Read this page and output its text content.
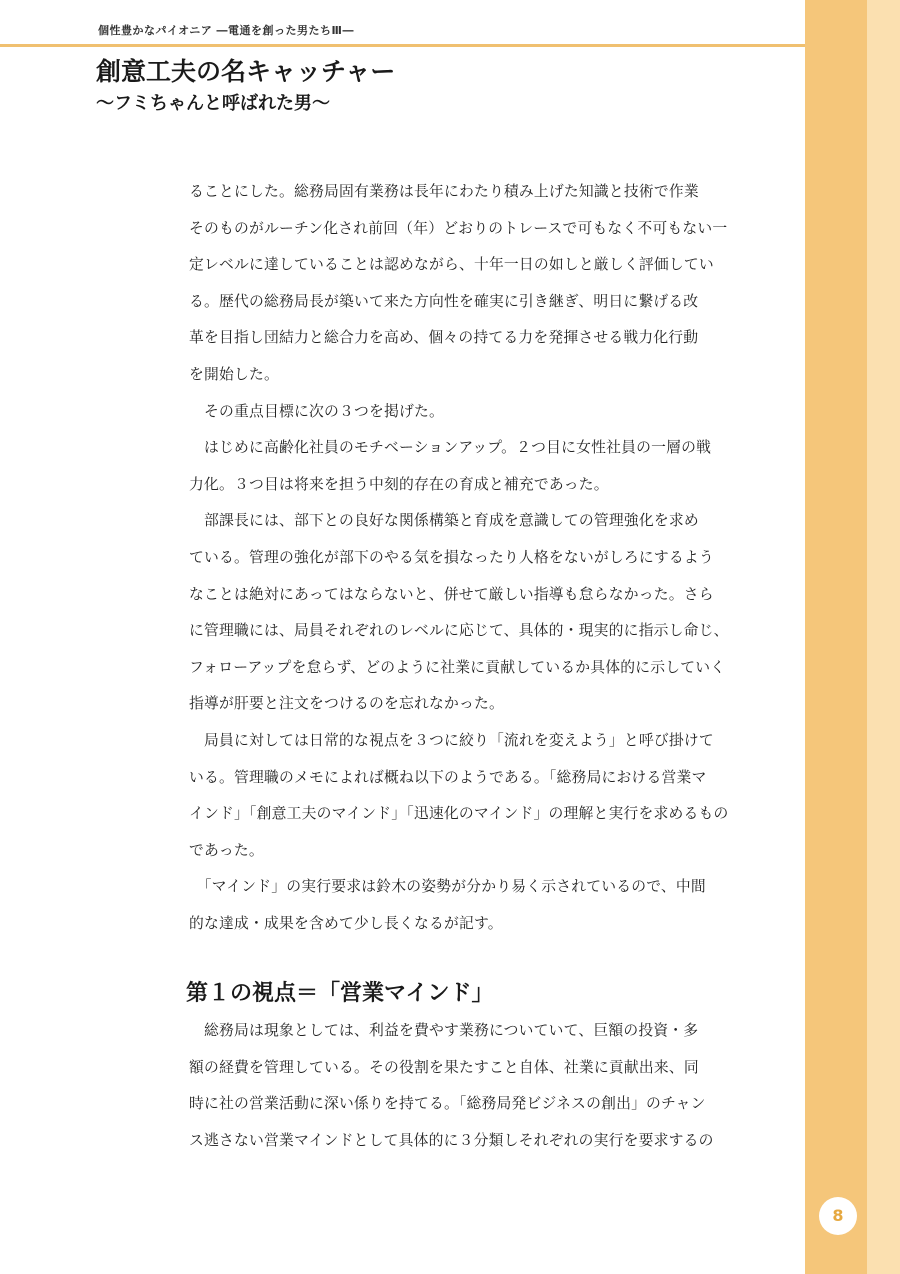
個性豊かなパイオニア ―電通を創った男たちⅢ―
創意工夫の名キャッチャー
〜フミちゃんと呼ばれた男〜
ることにした。総務局固有業務は長年にわたり積み上げた知識と技術で作業
そのものがルーチン化され前回（年）どおりのトレースで可もなく不可もない一
定レベルに達していることは認めながら、十年一日の如しと厳しく評価してい
る。歴代の総務局長が築いて来た方向性を確実に引き継ぎ、明日に繋げる改
革を目指し団結力と総合力を高め、個々の持てる力を発揮させる戦力化行動
を開始した。
　その重点目標に次の３つを掲げた。
　はじめに高齢化社員のモチベーションアップ。２つ目に女性社員の一層の戦
力化。３つ目は将来を担う中刻的存在の育成と補充であった。
　部課長には、部下との良好な関係構築と育成を意識しての管理強化を求め
ている。管理の強化が部下のやる気を損なったり人格をないがしろにするよう
なことは絶対にあってはならないと、併せて厳しい指導も怠らなかった。さら
に管理職には、局員それぞれのレベルに応じて、具体的・現実的に指示し命じ、
フォローアップを怠らず、どのように社業に貢献しているか具体的に示していく
指導が肝要と注文をつけるのを忘れなかった。
　局員に対しては日常的な視点を３つに絞り「流れを変えよう」と呼び掛けて
いる。管理職のメモによれば概ね以下のようである。「総務局における営業マ
インド」「創意工夫のマインド」「迅速化のマインド」の理解と実行を求めるもの
であった。
　「マインド」の実行要求は鈴木の姿勢が分かり易く示されているので、中間
的な達成・成果を含めて少し長くなるが記す。
第１の視点＝「営業マインド」
　総務局は現象としては、利益を費やす業務についていて、巨額の投資・多
額の経費を管理している。その役割を果たすこと自体、社業に貢献出来、同
時に社の営業活動に深い係りを持てる。「総務局発ビジネスの創出」のチャン
ス逃さない営業マインドとして具体的に３分類しそれぞれの実行を要求するの
8
